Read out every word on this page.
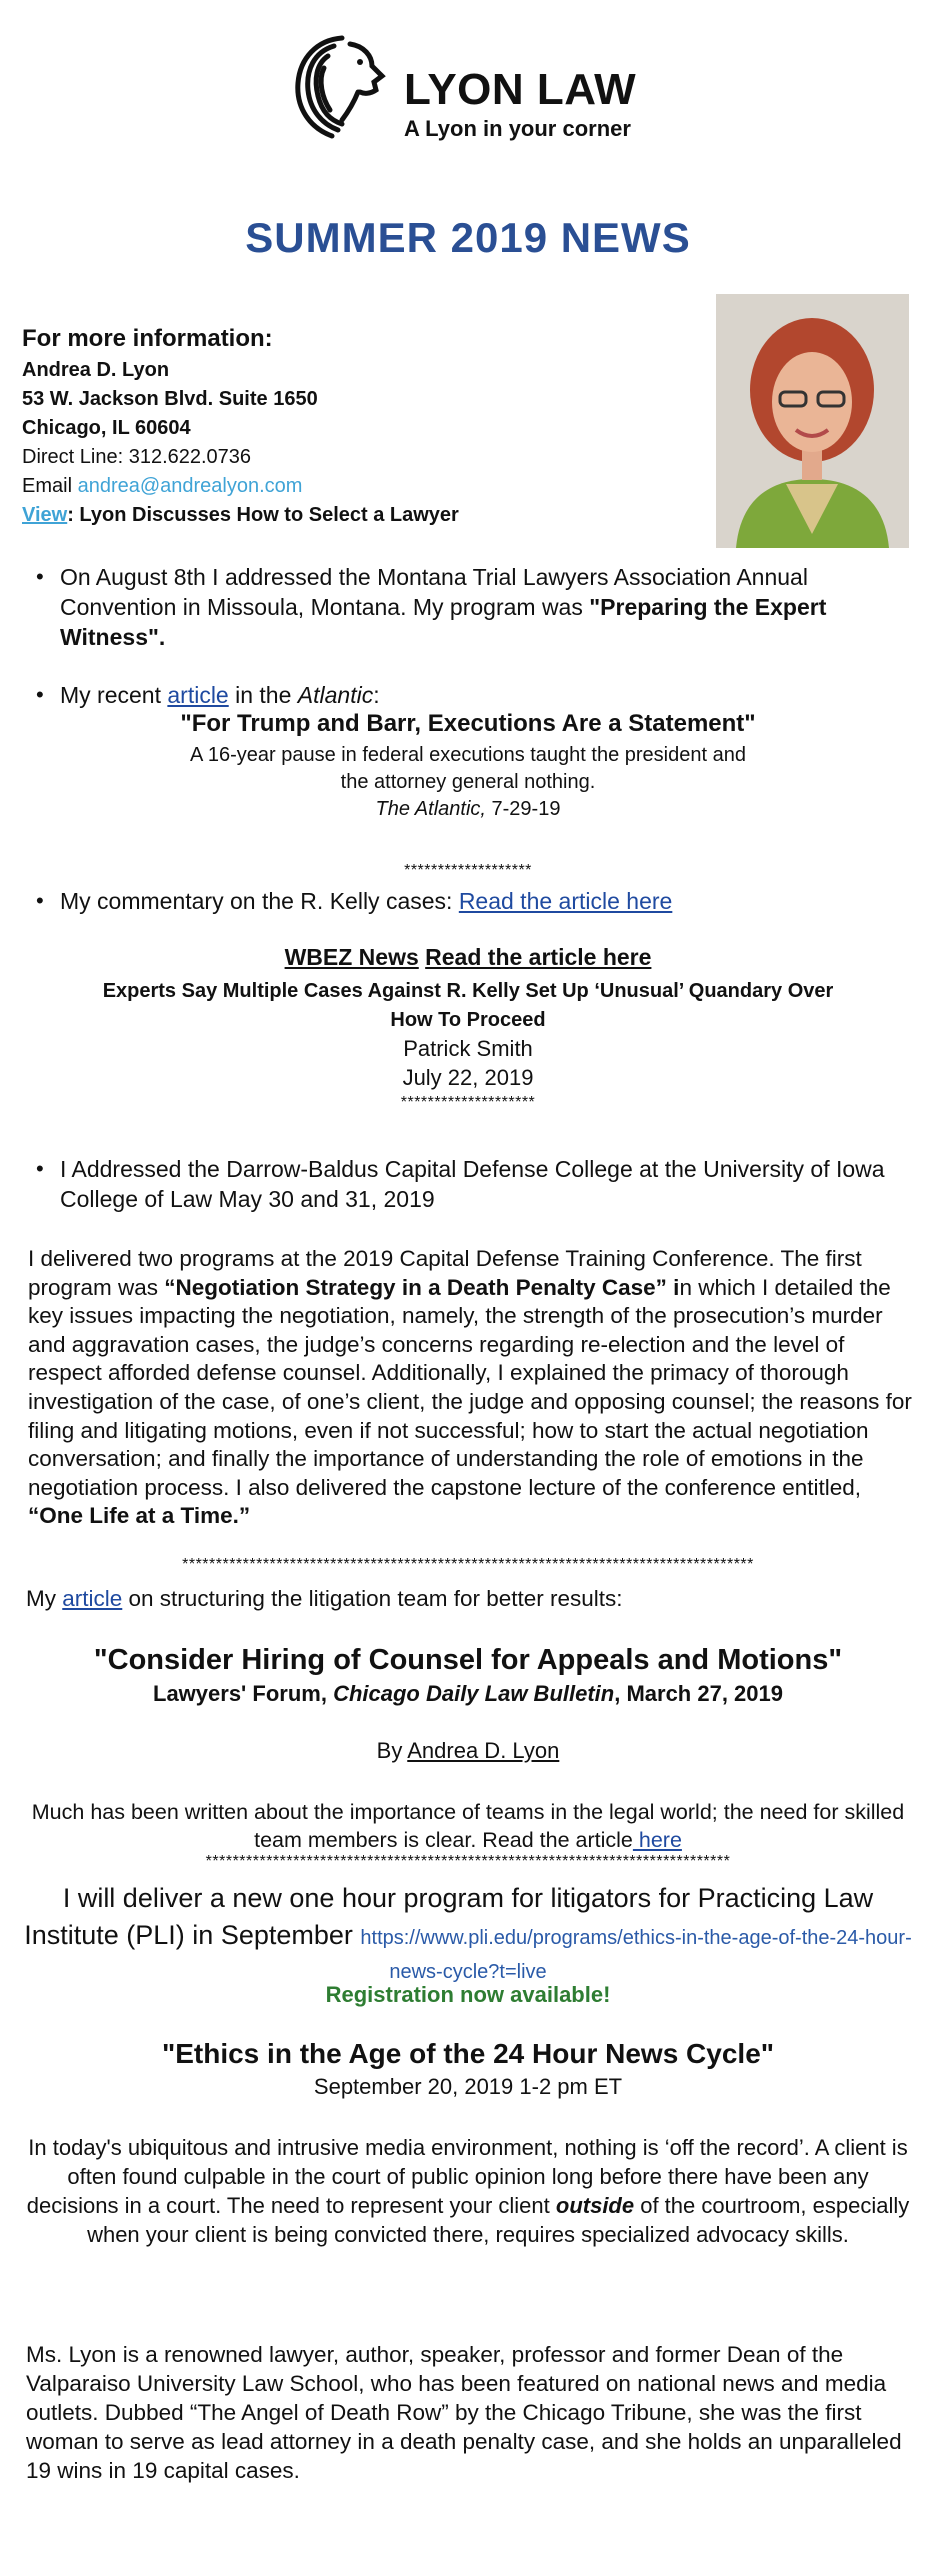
LYON LAW
A Lyon in your corner
SUMMER 2019 NEWS
For more information:
Andrea D. Lyon
53 W. Jackson Blvd. Suite 1650
Chicago, IL 60604
Direct Line: 312.622.0736
Email andrea@andrealyon.com
View: Lyon Discusses How to Select a Lawyer
• On August 8th I addressed the Montana Trial Lawyers Association Annual Convention in Missoula, Montana. My program was "Preparing the Expert Witness".
• My recent article in the Atlantic:
"For Trump and Barr, Executions Are a Statement"
A 16-year pause in federal executions taught the president and
the attorney general nothing.
The Atlantic, 7-29-19
*******************
• My commentary on the R. Kelly cases: Read the article here
WBEZ News Read the article here
Experts Say Multiple Cases Against R. Kelly Set Up ‘Unusual’ Quandary Over
How To Proceed
Patrick Smith
July 22, 2019
********************
• I Addressed the Darrow-Baldus Capital Defense College at the University of Iowa College of Law May 30 and 31, 2019
I delivered two programs at the 2019 Capital Defense Training Conference. The first program was “Negotiation Strategy in a Death Penalty Case” in which I detailed the key issues impacting the negotiation, namely, the strength of the prosecution’s murder and aggravation cases, the judge’s concerns regarding re-election and the level of respect afforded defense counsel. Additionally, I explained the primacy of thorough investigation of the case, of one’s client, the judge and opposing counsel; the reasons for filing and litigating motions, even if not successful; how to start the actual negotiation conversation; and finally the importance of understanding the role of emotions in the negotiation process. I also delivered the capstone lecture of the conference entitled, “One Life at a Time.”
*************************************************************************************
My article on structuring the litigation team for better results:
"Consider Hiring of Counsel for Appeals and Motions"
Lawyers' Forum, Chicago Daily Law Bulletin, March 27, 2019
By Andrea D. Lyon
Much has been written about the importance of teams in the legal world; the need for skilled team members is clear. Read the article here
******************************************************************************
I will deliver a new one hour program for litigators for Practicing Law Institute (PLI) in September https://www.pli.edu/programs/ethics-in-the-age-of-the-24-hour-news-cycle?t=live
Registration now available!
"Ethics in the Age of the 24 Hour News Cycle"
September 20, 2019 1-2 pm ET
In today's ubiquitous and intrusive media environment, nothing is ‘off the record’. A client is often found culpable in the court of public opinion long before there have been any decisions in a court. The need to represent your client outside of the courtroom, especially when your client is being convicted there, requires specialized advocacy skills.
Ms. Lyon is a renowned lawyer, author, speaker, professor and former Dean of the Valparaiso University Law School, who has been featured on national news and media outlets. Dubbed “The Angel of Death Row” by the Chicago Tribune, she was the first woman to serve as lead attorney in a death penalty case, and she holds an unparalleled 19 wins in 19 capital cases.
